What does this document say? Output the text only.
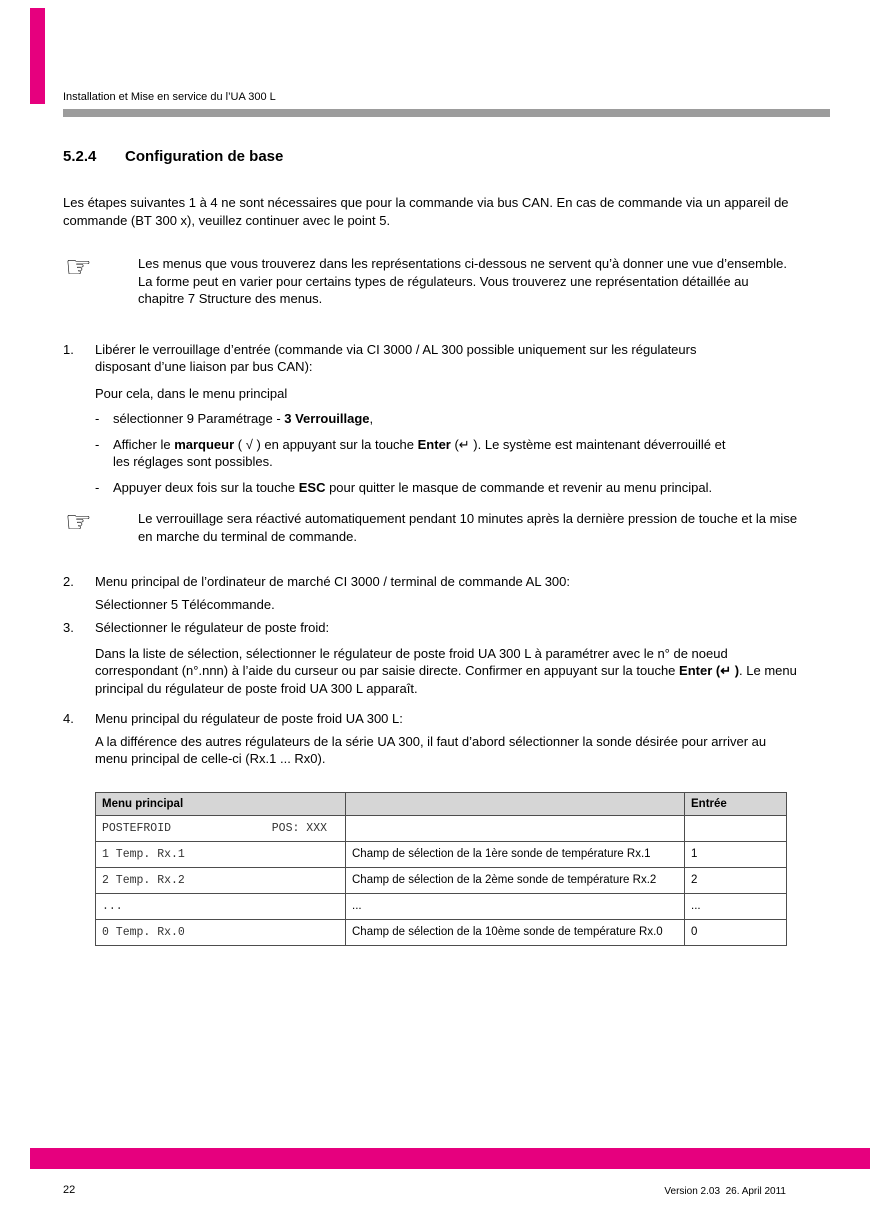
Installation et Mise en service du l’UA 300 L
5.2.4	Configuration de base

Les étapes suivantes 1 à 4 ne sont nécessaires que pour la commande via bus CAN. En cas de commande via un appareil de commande (BT 300 x), veuillez continuer avec le point 5.

☞	Les menus que vous trouverez dans les représentations ci-dessous ne servent qu’à donner une vue d’ensemble. La forme peut en varier pour certains types de régulateurs. Vous trouverez une représentation détaillée au chapitre 7 Structure des menus.

1.	Libérer le verrouillage d’entrée (commande via CI 3000 / AL 300 possible uniquement sur les régulateurs disposant d’une liaison par bus CAN):

Pour cela, dans le menu principal

-	sélectionner 9 Paramétrage - 3 Verrouillage,

-	Afficher le marqueur ( √ ) en appuyant sur la touche Enter (↵ ). Le système est maintenant déverrouillé et les réglages sont possibles.

-	Appuyer deux fois sur la touche ESC pour quitter le masque de commande et revenir au menu principal.

☞	Le verrouillage sera réactivé automatiquement pendant 10 minutes après la dernière pression de touche et la mise en marche du terminal de commande.

2.	Menu principal de l’ordinateur de marché CI 3000 / terminal de commande AL 300:

Sélectionner 5 Télécommande.

3.	Sélectionner le régulateur de poste froid:

Dans la liste de sélection, sélectionner le régulateur de poste froid UA 300 L à paramétrer avec le n° de noeud correspondant (n°.nnn) à l’aide du curseur ou par saisie directe. Confirmer en appuyant sur la touche Enter (↵ ). Le menu principal du régulateur de poste froid UA 300 L apparaît.

4.	Menu principal du régulateur de poste froid UA 300 L:

A la différence des autres régulateurs de la série UA 300, il faut d’abord sélectionner la sonde désirée pour arriver au menu principal de celle-ci (Rx.1 ... Rx0).

Menu principal		Entrée

POSTEFROID POS: XXX		

1 Temp. Rx.1	Champ de sélection de la 1ère sonde de température Rx.1	1
2 Temp. Rx.2	Champ de sélection de la 2ème sonde de température Rx.2	2
...	...	...
0 Temp. Rx.0	Champ de sélection de la 10ème sonde de température Rx.0	0
22	Version 2.03  26. April 2011
